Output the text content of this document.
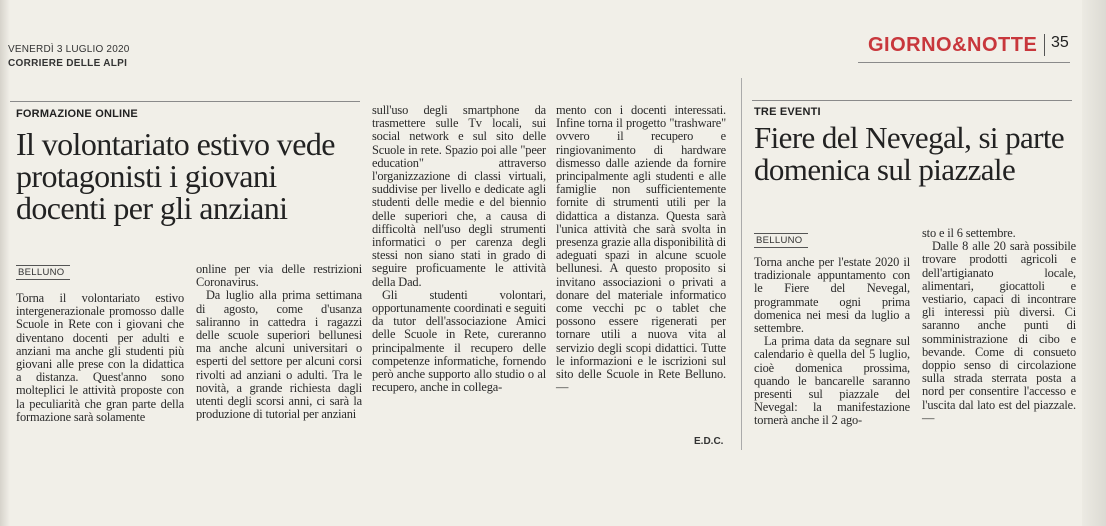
VENERDÌ 3 LUGLIO 2020
CORRIERE DELLE ALPI
GIORNO&NOTTE 35
FORMAZIONE ONLINE
Il volontariato estivo vede protagonisti i giovani docenti per gli anziani
BELLUNO

Torna il volontariato estivo intergenerazionale promosso dalle Scuole in Rete con i giovani che diventano docenti per adulti e anziani ma anche gli studenti più giovani alle prese con la didattica a distanza. Quest'anno sono molteplici le attività proposte con la peculiarità che gran parte della formazione sarà solamente

online per via delle restrizioni Coronavirus.

Da luglio alla prima settimana di agosto, come d'usanza saliranno in cattedra i ragazzi delle scuole superiori bellunesi ma anche alcuni universitari o esperti del settore per alcuni corsi rivolti ad anziani o adulti. Tra le novità, a grande richiesta dagli utenti degli scorsi anni, ci sarà la produzione di tutorial per anziani

sull'uso degli smartphone da trasmettere sulle Tv locali, sui social network e sul sito delle Scuole in rete. Spazio poi alle "peer education" attraverso l'organizzazione di classi virtuali, suddivise per livello e dedicate agli studenti delle medie e del biennio delle superiori che, a causa di difficoltà nell'uso degli strumenti informatici o per carenza degli stessi non siano stati in grado di seguire proficuamente le attività della Dad.

Gli studenti volontari, opportunamente coordinati e seguiti da tutor dell'associazione Amici delle Scuole in Rete, cureranno principalmente il recupero delle competenze informatiche, fornendo però anche supporto allo studio o al recupero, anche in collega-

mento con i docenti interessati. Infine torna il progetto "trashware" ovvero il recupero e ringiovanimento di hardware dismesso dalle aziende da fornire principalmente agli studenti e alle famiglie non sufficientemente fornite di strumenti utili per la didattica a distanza. Questa sarà l'unica attività che sarà svolta in presenza grazie alla disponibilità di adeguati spazi in alcune scuole bellunesi. A questo proposito si invitano associazioni o privati a donare del materiale informatico come vecchi pc o tablet che possono essere rigenerati per tornare utili a nuova vita al servizio degli scopi didattici. Tutte le informazioni e le iscrizioni sul sito delle Scuole in Rete Belluno. —

E.D.C.
TRE EVENTI
Fiere del Nevegal, si parte domenica sul piazzale
BELLUNO

Torna anche per l'estate 2020 il tradizionale appuntamento con le Fiere del Nevegal, programmate ogni prima domenica nei mesi da luglio a settembre.

La prima data da segnare sul calendario è quella del 5 luglio, cioè domenica prossima, quando le bancarelle saranno presenti sul piazzale del Nevegal: la manifestazione tornerà anche il 2 ago-

sto e il 6 settembre.

Dalle 8 alle 20 sarà possibile trovare prodotti agricoli e dell'artigianato locale, alimentari, giocattoli e vestiario, capaci di incontrare gli interessi più diversi. Ci saranno anche punti di somministrazione di cibo e bevande. Come di consueto doppio senso di circolazione sulla strada sterrata posta a nord per consentire l'accesso e l'uscita dal lato est del piazzale. —
